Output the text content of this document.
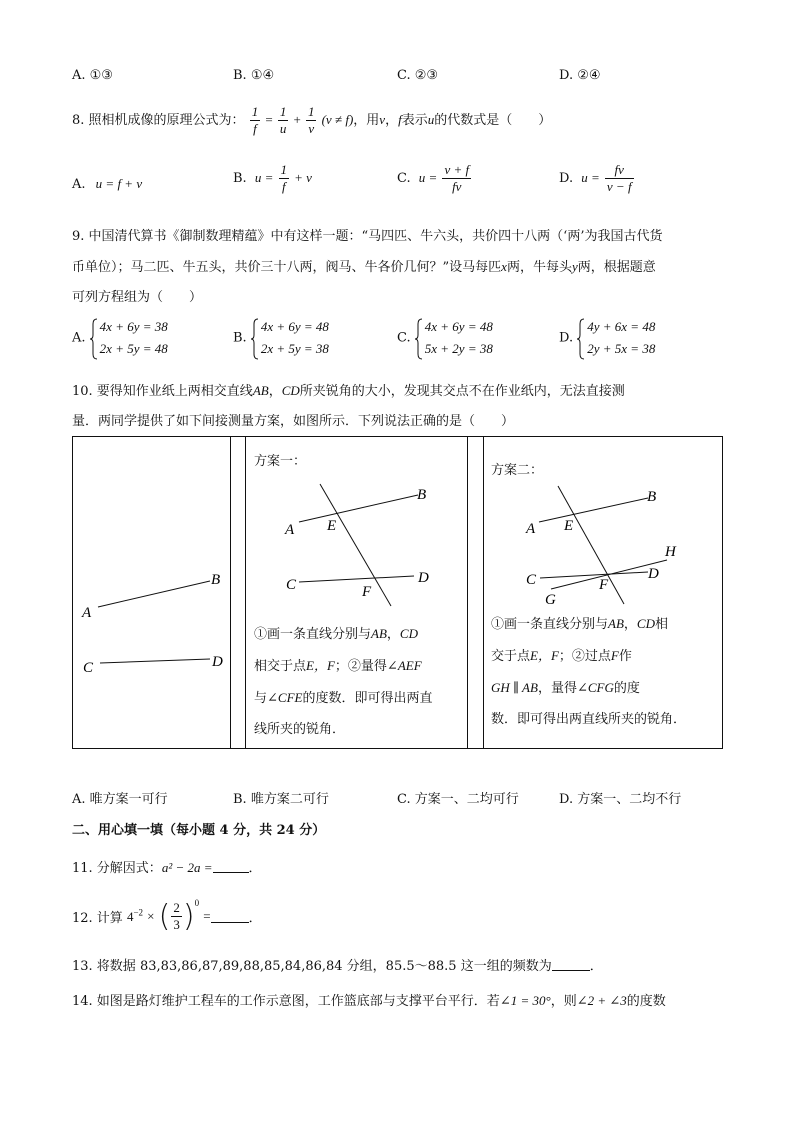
A. ①③	B. ①④	C. ②③	D. ②④
8. 照相机成像的原理公式为： $\frac{1}{f} = \frac{1}{u} + \frac{1}{v} (v \ne f)$，用v，f表示u的代数式是（　　）
A. u = f + v	B. $u = \frac{1}{f} + v$	C. $u = \frac{v + f}{fv}$	D. $u = \frac{fv}{v - f}$
9. 中国清代算书《御制数理精蕴》中有这样一题：“马四匹、牛六头，共价四十八两（‘两’为我国古代货
币单位）；马二匹、牛五头，共价三十八两，阀马、牛各价几何？”设马每匹x两，牛每头y两，根据题意
可列方程组为（　　）
A.
4x + 6y = 38
2x + 5y = 48
B.
4x + 6y = 48
2x + 5y = 38
C.
4x + 6y = 48
5x + 2y = 38
D.
4y + 6x = 48
2y + 5x = 38
10. 要得知作业纸上两相交直线AB，CD所夹锐角的大小，发现其交点不在作业纸内，无法直接测
量．两同学提供了如下间接测量方案，如图所示．下列说法正确的是（　　）
A
B
C	D
方案一：
A
B
E
C	D
F
①画一条直线分别与AB，CD
相交于点E，F；②量得∠AEF
与∠CFE的度数．即可得出两直
线所夹的锐角．
方案二：
A
B
E
C	D
F
G
H
①画一条直线分别与AB，CD相
交于点E，F；②过点F作
GH ∥ AB，量得∠CFG的度
数．即可得出两直线所夹的锐角．
A. 唯方案一可行	B. 唯方案二可行	C. 方案一、二均可行	D. 方案一、二均不行
二、用心填一填（每小题 4 分，共 24 分）
11. 分解因式：a² − 2a =	．
12. 计算 $4^{-2}$ × ( $\frac{2}{3} )^0$ =	．
13. 将数据 83,83,86,87,89,88,85,84,86,84 分组，85.5～88.5 这一组的频数为	．
14. 如图是路灯维护工程车的工作示意图，工作篮底部与支撑平台平行．若∠1 = 30°，则∠2 + ∠3的度数
